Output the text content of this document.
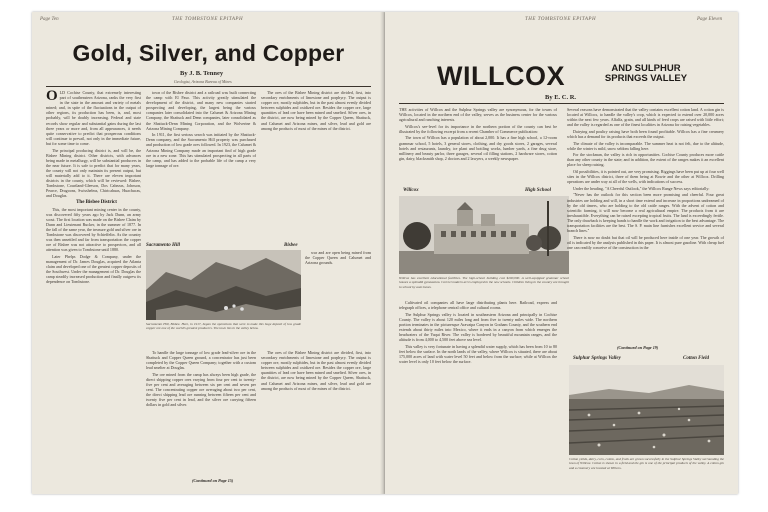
Page Ten	THE TOMBSTONE EPITAPH
Gold, Silver, and Copper
By J. B. Tenney
Geologist, Arizona Bureau of Mines

OLD Cochise County, that extremely interesting part of southeastern Arizona, ranks the very first in the state in the amount and variety of metals mined; and, in spite of the fluctuations in the output of other regions, its production has been, is, and, most probably, will be doubly increasing. Federal and state records show regular and substantial gains during the last three years or more and, from all appearances, it needs quite conservative to predict that prosperous conditions will continue to prevail, not only in the immediate future, but for some time to come.

The principal producing district is, and will be, the Bisbee Mining district. Other districts, with advances being made in metallurgy, will be substantial producers in the near future. It is safe to predict that for many years, the county will not only maintain its present output, but will materially add to it. There are eleven important districts in the county, which will be reviewed: Bisbee, Tombstone, Courtland-Gleeson, Dos Cabezas, Johnson, Pearce, Dragoons, Swisshelms, Chiricahuas, Huachucas, and Douglas.

The Bisbee District

This, the most important mining center in the county, was discovered fifty years ago by Jack Dunn, an army scout. The first location was made on the Bisbee Claim by Dunn and Lieutenant Rucker, in the summer of 1877. In the fall of the same year, the treasure gold and silver ore in Tombstone was discovered by Schieffelin. As the country was then unsettled and far from transportation the copper ore of Bisbee was not attractive to prospectors, and all attention was given to Tombstone until 1880.

Later Phelps Dodge & Company, under the management of Dr. James Douglas, acquired the Atlanta claim and developed one of the greatest copper deposits of the Southwest. Under the management of Dr. Douglas the camp steadily increased production and finally outgrew its dependence on Tombstone.

town of the Bisbee district and a railroad was built connecting the camp with El Paso. This activity greatly stimulated the development of the district, and many new companies started prospecting and developing, the largest being the various companies later consolidated into the Calumet & Arizona Mining Company, the Shattuck and Denn companies, later consolidated as the Shattuck-Denn Mining Corporation, and the Wolverine & Arizona Mining Company.

In 1911, the first serious search was initiated by the Shattuck-Denn company, and the Sacramento Hill property was purchased and production of low grade ores followed. In 1923, the Calumet & Arizona Mining Company made an important find of high grade ore in a new zone. This has stimulated prospecting in all parts of the camp, and has added to the probable life of the camp a very large tonnage of ore.

The ores of the Bisbee Mining district are divided, first, into secondary enrichments of limestone and porphyry. The output is copper ore, mostly sulphides, but in the past almost evenly divided between sulphides and oxidized ore. Besides the copper ore, large quantities of lead ore have been mined and smelted. Silver ores, in the district, are now being mined by the Copper Queen, Shattuck, and Calumet and Arizona mines, and silver, lead and gold are among the products of most of the mines of the district.

Sacramento Hill	Bisbee
Sacramento Hill, Bisbee. Here, in 1917, began the operations that were to make this huge deposit of low grade copper ore one of the world's greatest producers. The town lies in the valley below.

war and are open being mined from the Copper Queen and Calumet and Arizona grounds.

To handle the large tonnage of low grade lead-silver ore in the Shattuck and Copper Queen ground, a concentrator has just been completed by the Copper Queen Company; together with a custom lead smelter at Douglas.

The ore mined from the camp has always been high grade, the direct shipping copper ores varying from four per cent to twenty-five per cent and averaging between six per cent and seven per cent. The concentrating copper ore averaging about two per cent, the direct shipping lead ore running between fifteen per cent and twenty five per cent in lead, and the silver ore carrying fifteen dollars in gold and silver.

The ores of the Bisbee Mining district are divided, first, into secondary enrichments of limestone and porphyry. The output is copper ore, mostly sulphides, but in the past almost evenly divided between sulphides and oxidized ore. Besides the copper ore, large quantities of lead ore have been mined and smelted. Silver ores, in the district, are now being mined by the Copper Queen, Shattuck, and Calumet and Arizona mines, and silver, lead and gold are among the products of most of the mines of the district.

(Continued on Page 15)
THE TOMBSTONE EPITAPH	Page Eleven
WILLCOX	AND SULPHUR SPRINGS VALLEY
By E. C. R.

THE activities of Willcox and the Sulphur Springs valley are synonymous, for the towns of Willcox, located in the northern end of the valley, serves as the business center for the various agricultural and ranching interests.

Willcox's see-level for its importance in the northern portion of the county can best be illustrated by the following excerpt from a recent Chamber of Commerce publication:

The town of Willcox has a population of about 2,000. It has a fine high school, a 12-room grammar school, 5 hotels, 3 general stores, clothing, and dry goods stores, 2 garages, several hotels and restaurants, laundry, ice plant and bottling works, lumber yards, a fine drug store, millinery and beauty parlor, three garages, several oil filling stations, 2 hardware stores, cotton gin, dairy, blacksmith shop, 2 doctors and 2 lawyers, a weekly newspaper.

Willcox	High School
Willcox has excellent educational facilities. The high-school building cost $200,000. A well-equipped grammar school houses a splendid gymnasium. Correct modern art is employed in the new schools. Children living in the country are brought to school by auto buses.

Cultivated oil companies all have large distributing plants here. Railroad, express and telegraph offices, a telephone central office and cultural rooms.

The Sulphur Springs valley is located in southeastern Arizona and principally in Cochise County. The valley is about 120 miles long and from five to twenty miles wide. The northern portion terminates in the picturesque Aravaipa Canyon in Graham County, and the southern end extends about thirty miles into Mexico, where it ends in a canyon from which emerges the headwaters of the Yaqui River. The valley is bordered by beautiful mountain ranges, and the altitude is from 4,000 to 4,500 feet above sea level.

This valley is very fortunate in having a splendid water supply, which has been from 10 to 80 feet below the surface. In the north lands of the valley, where Willcox is situated, there are about 175,000 acres of land with water level 50 feet and below from the surface; while at Willcox the water level is only 10 feet below the surface.

Several reasons have demonstrated that the valley contains excellent cotton land. A cotton gin is located at Willcox, to handle the valley's crop, which is expected to extend over 20,000 acres within the next few years. Alfalfa, grain, and all kinds of feed crops are raised with little effort; and the valley is regarded as one of the finest localities in Arizona for raising vegetables.

Dairying and poultry raising have both been found profitable. Willcox has a fine creamery which has a demand for its products that exceeds the output.

The climate of the valley is incomparable. The summer heat is not felt, due to the altitude, while the winter is mild, snow seldom falling here.

For the stockman, the valley is rich in opportunities. Cochise County produces more cattle than any other county in the state; and in addition, the extent of the ranges makes it an excellent place for sheep raising.

Oil possibilities, it is pointed out, are very promising. Riggings have been put up at four well sites in the Willcox district, three of them being at Bowie and the other at Willcox. Drilling operations are under way at all of the wells, with indications of success.

Under the heading, "A Cheerful Outlook," the Willcox Range News says editorially:

"Never has the outlook for this section been more promising and cheerful. Four great industries are holding and will, in a short time extend and increase in proportions undreamed of by the old timers, who are holding to the old cattle ranges. With the advent of cotton and scientific farming, it will now become a real agricultural empire. The products from it are inexhaustible. Everything can be raised excepting tropical fruits. The land is exceedingly fertile. The only drawback is keeping hands to handle the work and irrigation to the best advantage. The transportation facilities are the best. The S. P. main line furnishes excellent service and several branch lines."

There is now no doubt but that oil will be produced here inside of one year. The growth of oil is indicated by the analysis published in this paper. It is almost pure gasoline. With cheap fuel one can readily conceive of the construction in the

(Continued on Page 19)
Sulphur Springs Valley	Cotton Field
Cotton yields, dairy, corn, cotton, and fruits are grown successfully in the Sulphur Springs Valley surrounding the town of Willcox. Cotton is shown in a field and the gin is one of the principal products of the valley. A cotton gin and a creamery are located at Willcox.
